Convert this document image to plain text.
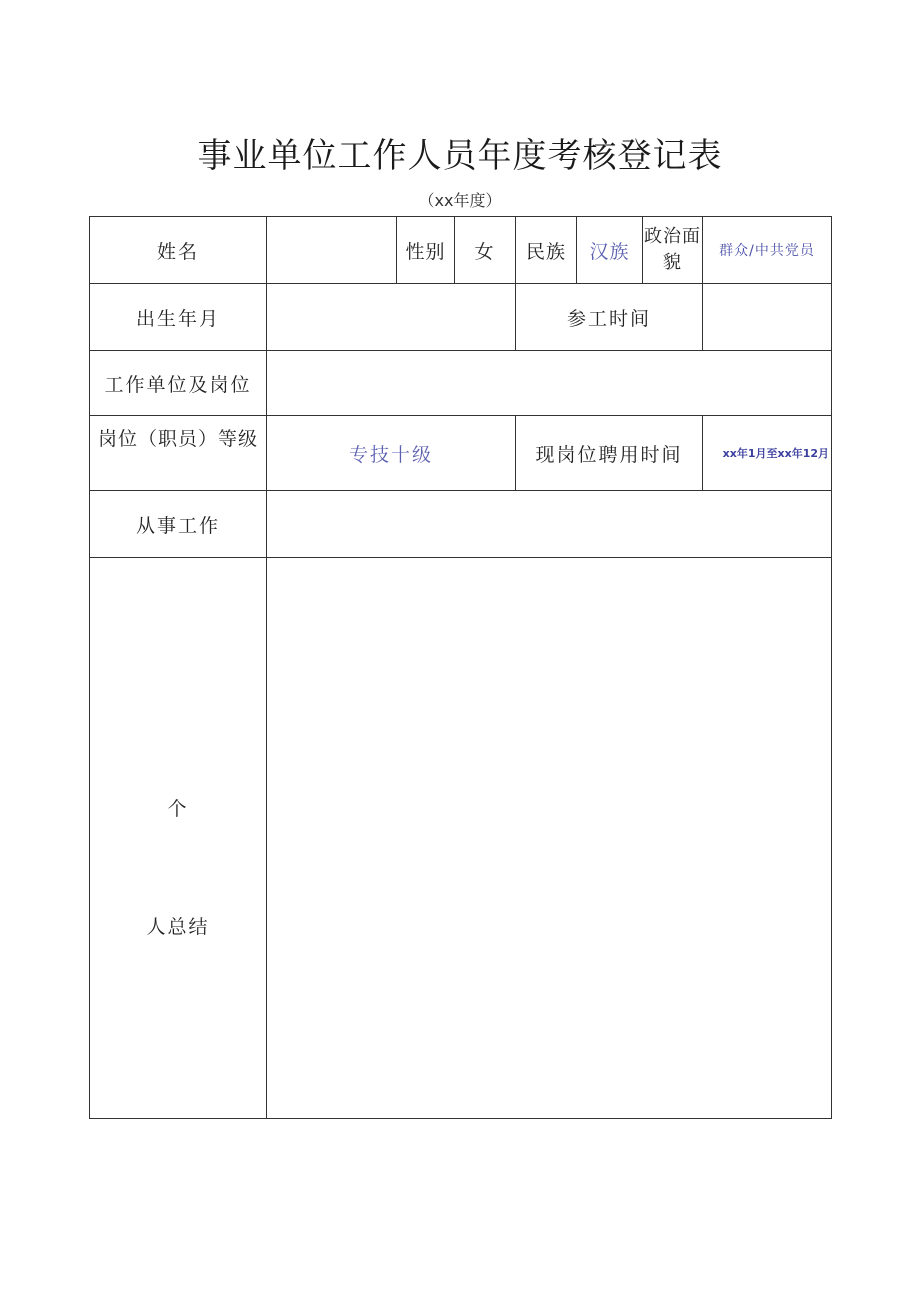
事业单位工作人员年度考核登记表
（xx年度）
姓名		性别	女	民族	汉族	政治面貌	群众/中共党员
出生年月				参工时间			
工作单位及岗位							
岗位（职员）等级	专技十级			现岗位聘用时间			xx年1月至xx年12月
从事工作							

个
人总结							
